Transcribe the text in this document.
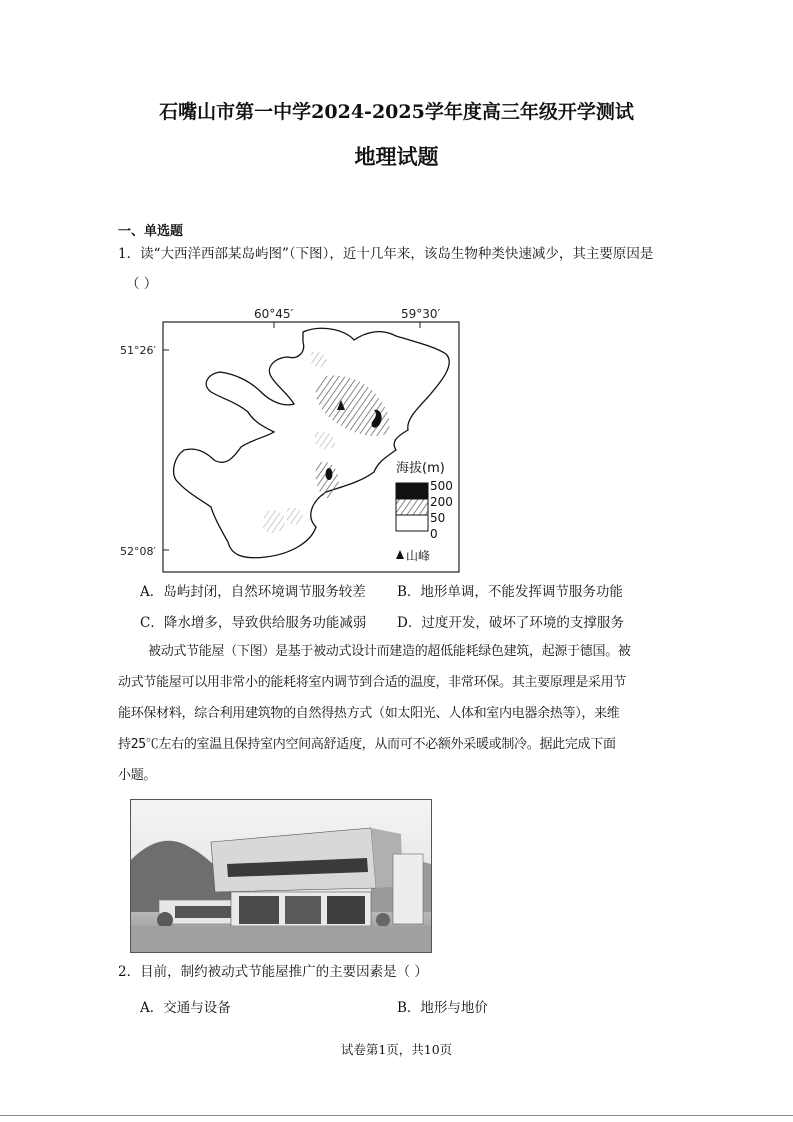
石嘴山市第一中学2024-2025学年度高三年级开学测试
地理试题
一、单选题
1．读“大西洋西部某岛屿图”（下图），近十几年来，该岛生物种类快速减少，其主要原因是
（ ）
60°45′	59°30′
51°26′
52°08′
海拔(m)
500
200
50
0
山峰
A．岛屿封闭，自然环境调节服务较差 B．地形单调，不能发挥调节服务功能
C．降水增多，导致供给服务功能减弱 D．过度开发，破坏了环境的支撑服务
被动式节能屋（下图）是基于被动式设计而建造的超低能耗绿色建筑，起源于德国。被
动式节能屋可以用非常小的能耗将室内调节到合适的温度，非常环保。其主要原理是采用节
能环保材料，综合利用建筑物的自然得热方式（如太阳光、人体和室内电器余热等），来维
持25℃左右的室温且保持室内空间高舒适度，从而可不必额外采暖或制冷。据此完成下面
小题。
2．目前，制约被动式节能屋推广的主要因素是（ ）
A．交通与设备	B．地形与地价
试卷第1页，共10页
